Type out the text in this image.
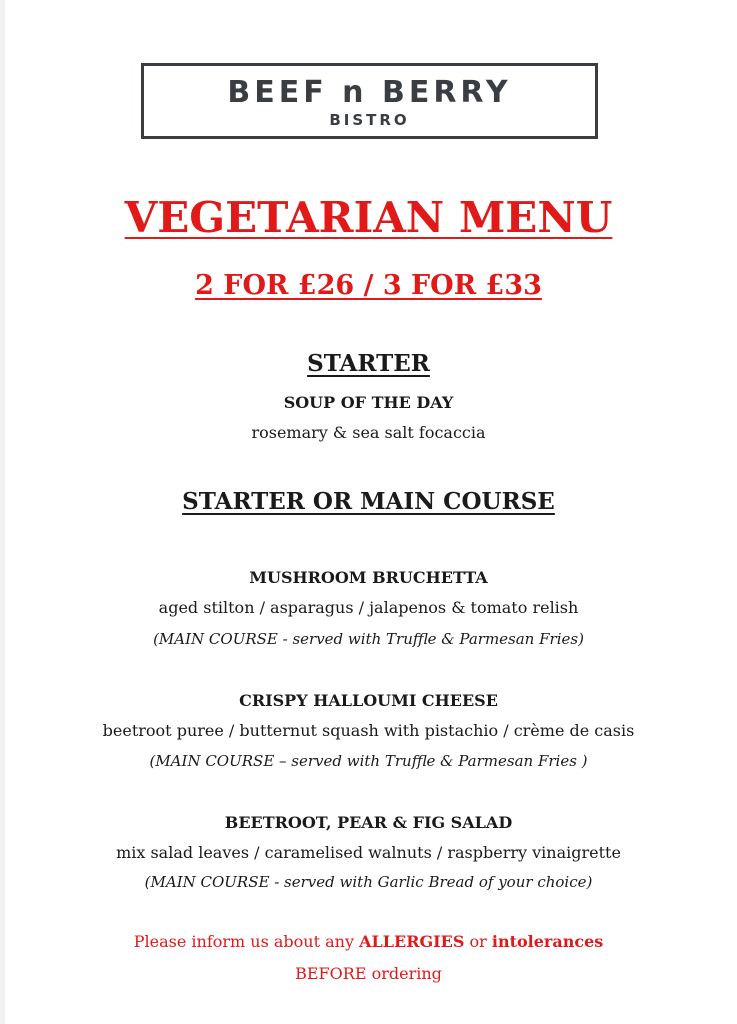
BEEF n BERRY
BISTRO
VEGETARIAN MENU
2 FOR £26 / 3 FOR £33
STARTER
SOUP OF THE DAY
rosemary & sea salt focaccia
STARTER OR MAIN COURSE
MUSHROOM BRUCHETTA
aged stilton / asparagus / jalapenos & tomato relish
(MAIN COURSE - served with Truffle & Parmesan Fries)
CRISPY HALLOUMI CHEESE
beetroot puree / butternut squash with pistachio / crème de casis
(MAIN COURSE – served with Truffle & Parmesan Fries )
BEETROOT, PEAR & FIG SALAD
mix salad leaves / caramelised walnuts / raspberry vinaigrette
(MAIN COURSE - served with Garlic Bread of your choice)
Please inform us about any ALLERGIES or intolerances
BEFORE ordering
